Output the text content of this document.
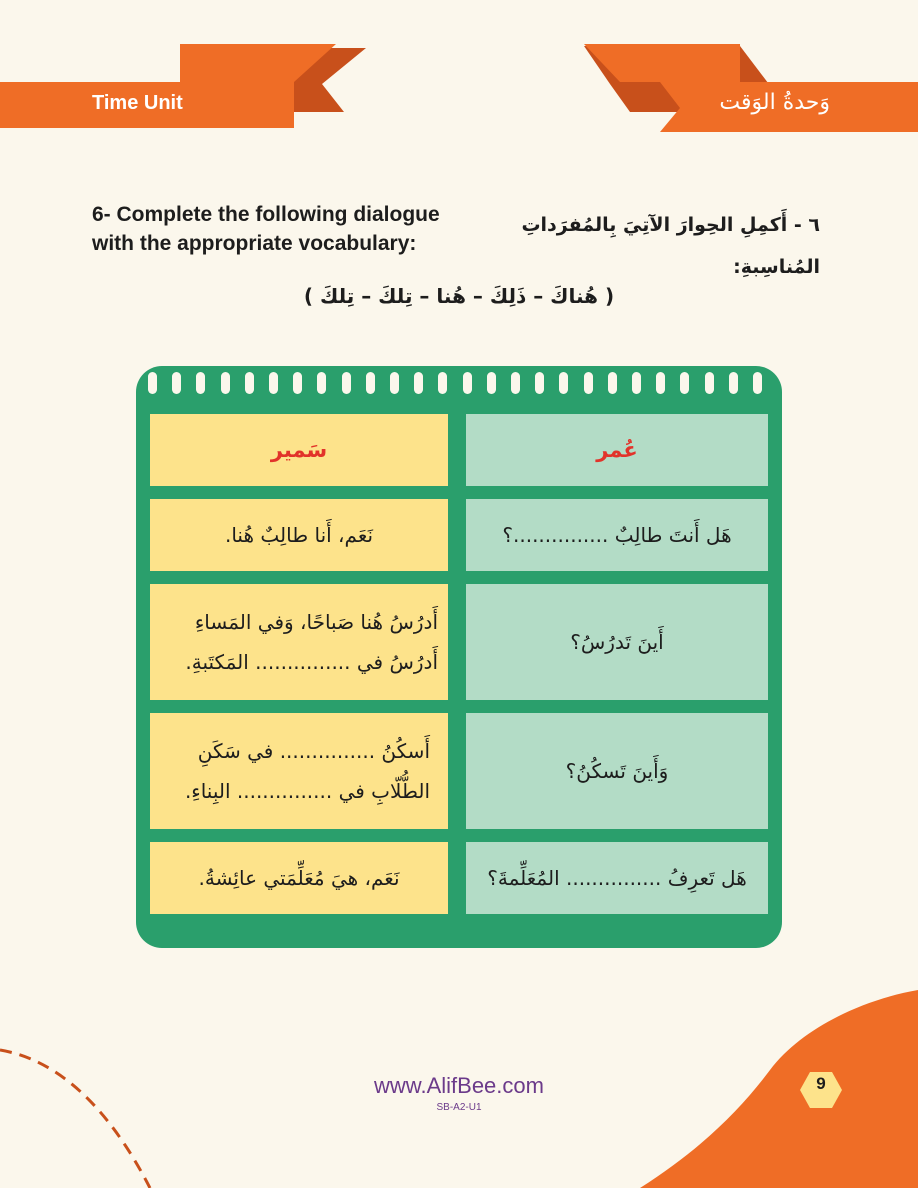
Time Unit	وَحدةُ الوَقت
6- Complete the following dialogue with the appropriate vocabulary:
٦ - أَكمِلِ الحِوارَ الآتِيَ بِالمُفرَداتِ المُناسِبةِ:
( هُناكَ – ذَلِكَ – هُنا – تِلكَ – تِلكَ )
عُمر
سَمير
هَل أَنتَ طالِبٌ ...............؟
نَعَم، أَنا طالِبٌ هُنا.
أَينَ تَدرُسُ؟
أَدرُسُ هُنا صَباحًا، وَفي المَساءِ أَدرُسُ في ............... المَكتَبةِ.
وَأَينَ تَسكُنُ؟
أَسكُنُ ............... في سَكَنِ الطُّلّابِ في ............... البِناءِ.
هَل تَعرِفُ ............... المُعَلِّمةَ؟
نَعَم، هيَ مُعَلِّمَتي عائِشةُ.
www.AlifBee.com
SB-A2-U1
9
